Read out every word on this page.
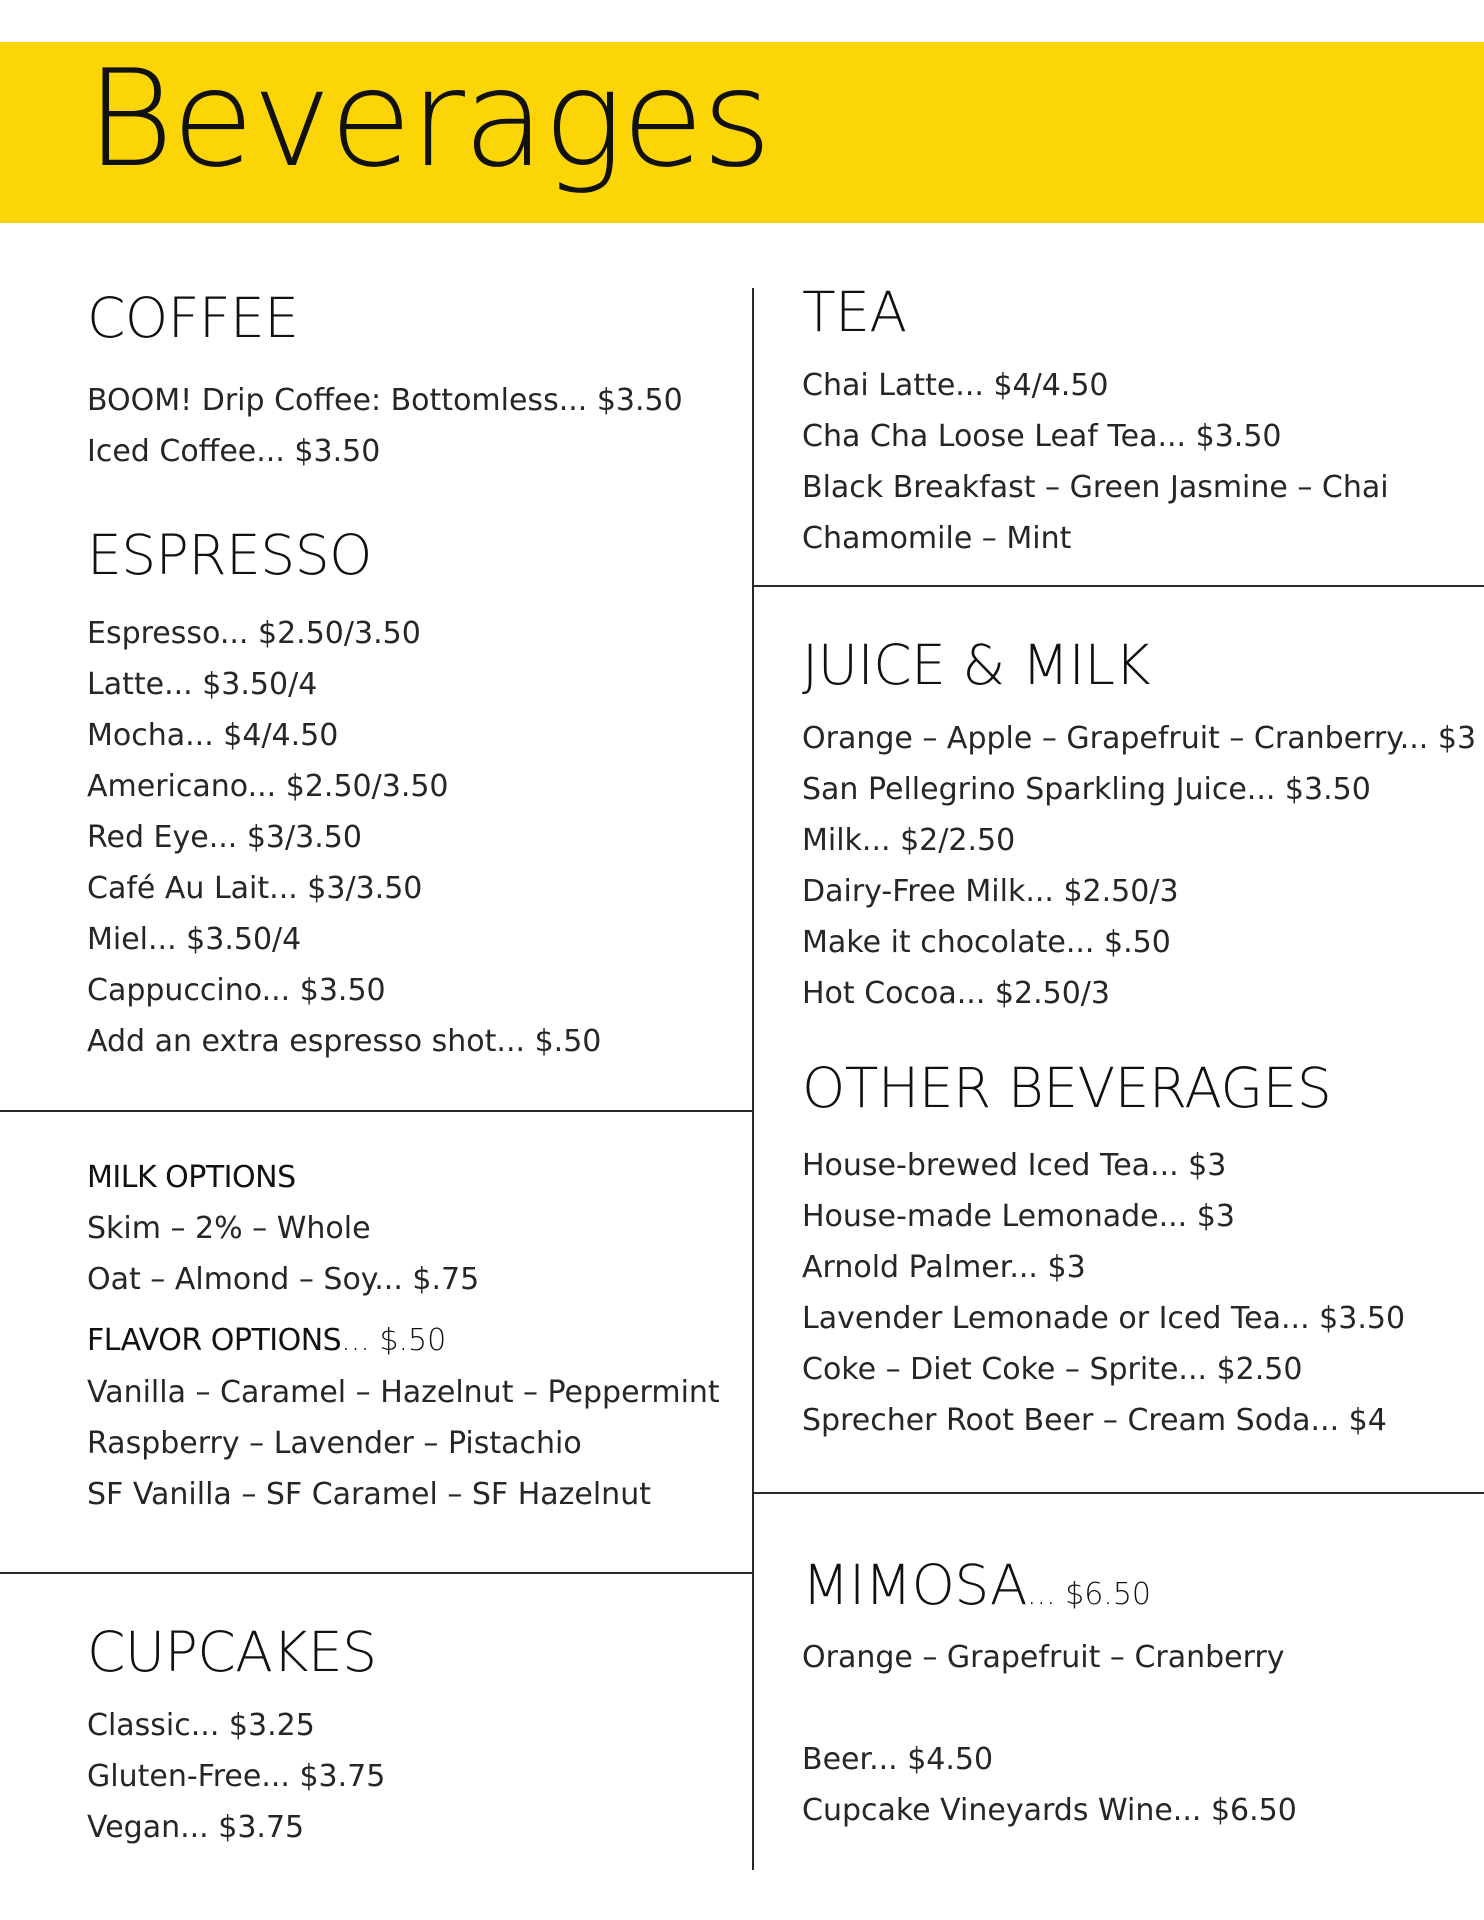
Beverages
COFFEE
BOOM! Drip Coffee: Bottomless... $3.50
Iced Coffee... $3.50
ESPRESSO
Espresso... $2.50/3.50
Latte... $3.50/4
Mocha... $4/4.50
Americano... $2.50/3.50
Red Eye... $3/3.50
Café Au Lait... $3/3.50
Miel... $3.50/4
Cappuccino... $3.50
Add an extra espresso shot... $.50
MILK OPTIONS
Skim – 2% – Whole
Oat – Almond – Soy... $.75
FLAVOR OPTIONS... $.50
Vanilla – Caramel – Hazelnut – Peppermint
Raspberry – Lavender – Pistachio
SF Vanilla – SF Caramel – SF Hazelnut
CUPCAKES
Classic... $3.25
Gluten-Free... $3.75
Vegan... $3.75
TEA
Chai Latte... $4/4.50
Cha Cha Loose Leaf Tea... $3.50
Black Breakfast – Green Jasmine – Chai
Chamomile – Mint
JUICE & MILK
Orange – Apple – Grapefruit – Cranberry... $3
San Pellegrino Sparkling Juice... $3.50
Milk... $2/2.50
Dairy-Free Milk... $2.50/3
Make it chocolate... $.50
Hot Cocoa... $2.50/3
OTHER BEVERAGES
House-brewed Iced Tea... $3
House-made Lemonade... $3
Arnold Palmer... $3
Lavender Lemonade or Iced Tea... $3.50
Coke – Diet Coke – Sprite... $2.50
Sprecher Root Beer – Cream Soda... $4
MIMOSA... $6.50
Orange – Grapefruit – Cranberry
Beer... $4.50
Cupcake Vineyards Wine... $6.50
